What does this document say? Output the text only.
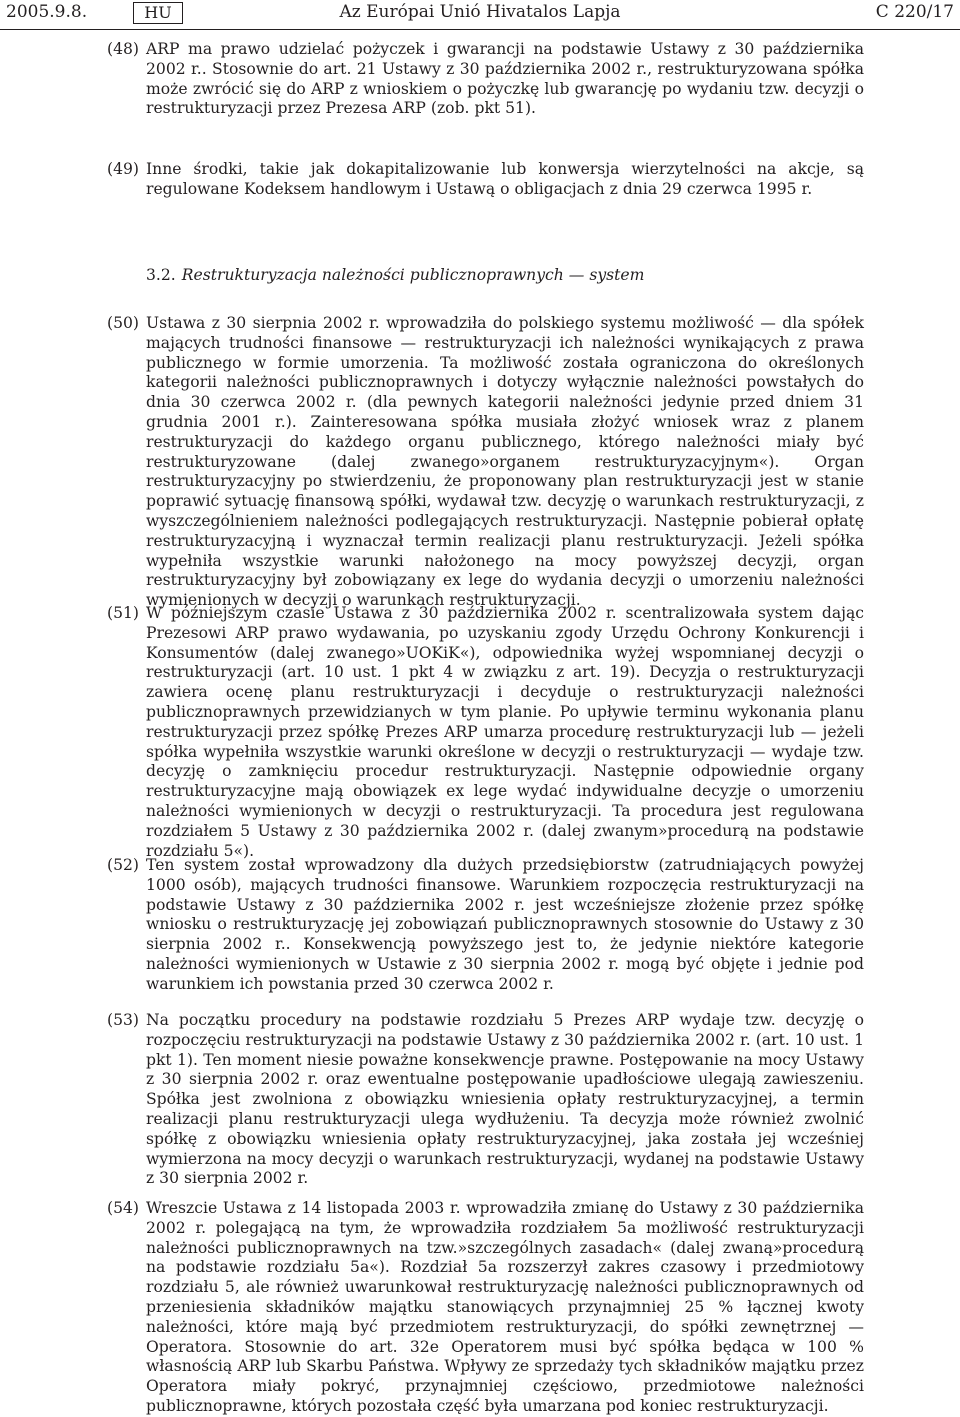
2005.9.8.	Az Európai Unió Hivatalos Lapja
HU	C 220/17
(48) ARP ma prawo udzielać pożyczek i gwarancji na podstawie Ustawy z 30 października 2002 r.. Stosownie do art. 21 Ustawy z 30 października 2002 r., restrukturyzowana spółka może zwrócić się do ARP z wnioskiem o pożyczkę lub gwarancję po wydaniu tzw. decyzji o restrukturyzacji przez Prezesa ARP (zob. pkt 51).
(49) Inne środki, takie jak dokapitalizowanie lub konwersja wierzytelności na akcje, są regulowane Kodeksem handlowym i Ustawą o obligacjach z dnia 29 czerwca 1995 r.
3.2. Restrukturyzacja należności publicznoprawnych — system
(50) Ustawa z 30 sierpnia 2002 r. wprowadziła do polskiego systemu możliwość — dla spółek mających trudności finansowe — restrukturyzacji ich należności wynikających z prawa publicznego w formie umorzenia. Ta możliwość została ograniczona do określonych kategorii należności publicznoprawnych i dotyczy wyłącznie należności powstałych do dnia 30 czerwca 2002 r. (dla pewnych kategorii należności jedynie przed dniem 31 grudnia 2001 r.). Zainteresowana spółka musiała złożyć wniosek wraz z planem restrukturyzacji do każdego organu publicznego, którego należności miały być restrukturyzowane (dalej zwanego»organem restrukturyzacyjnym«). Organ restrukturyzacyjny po stwierdzeniu, że proponowany plan restrukturyzacji jest w stanie poprawić sytuację finansową spółki, wydawał tzw. decyzję o warunkach restrukturyzacji, z wyszczególnieniem należności podlegających restrukturyzacji. Następnie pobierał opłatę restrukturyzacyjną i wyznaczał termin realizacji planu restrukturyzacji. Jeżeli spółka wypełniła wszystkie warunki nałożonego na mocy powyższej decyzji, organ restrukturyzacyjny był zobowiązany ex lege do wydania decyzji o umorzeniu należności wymienionych w decyzji o warunkach restrukturyzacji.
(51) W późniejszym czasie Ustawa z 30 października 2002 r. scentralizowała system dając Prezesowi ARP prawo wydawania, po uzyskaniu zgody Urzędu Ochrony Konkurencji i Konsumentów (dalej zwanego»UOKiK«), odpowiednika wyżej wspomnianej decyzji o restrukturyzacji (art. 10 ust. 1 pkt 4 w związku z art. 19). Decyzja o restrukturyzacji zawiera ocenę planu restrukturyzacji i decyduje o restrukturyzacji należności publicznoprawnych przewidzianych w tym planie. Po upływie terminu wykonania planu restrukturyzacji przez spółkę Prezes ARP umarza procedurę restrukturyzacji lub — jeżeli spółka wypełniła wszystkie warunki określone w decyzji o restrukturyzacji — wydaje tzw. decyzję o zamknięciu procedur restrukturyzacji. Następnie odpowiednie organy restrukturyzacyjne mają obowiązek ex lege wydać indywidualne decyzje o umorzeniu należności wymienionych w decyzji o restrukturyzacji. Ta procedura jest regulowana rozdziałem 5 Ustawy z 30 października 2002 r. (dalej zwanym»procedurą na podstawie rozdziału 5«).
(52) Ten system został wprowadzony dla dużych przedsiębiorstw (zatrudniających powyżej 1000 osób), mających trudności finansowe. Warunkiem rozpoczęcia restrukturyzacji na podstawie Ustawy z 30 października 2002 r. jest wcześniejsze złożenie przez spółkę wniosku o restrukturyzację jej zobowiązań publicznoprawnych stosownie do Ustawy z 30 sierpnia 2002 r.. Konsekwencją powyższego jest to, że jedynie niektóre kategorie należności wymienionych w Ustawie z 30 sierpnia 2002 r. mogą być objęte i jednie pod warunkiem ich powstania przed 30 czerwca 2002 r.
(53) Na początku procedury na podstawie rozdziału 5 Prezes ARP wydaje tzw. decyzję o rozpoczęciu restrukturyzacji na podstawie Ustawy z 30 października 2002 r. (art. 10 ust. 1 pkt 1). Ten moment niesie poważne konsekwencje prawne. Postępowanie na mocy Ustawy z 30 sierpnia 2002 r. oraz ewentualne postępowanie upadłościowe ulegają zawieszeniu. Spółka jest zwolniona z obowiązku wniesienia opłaty restrukturyzacyjnej, a termin realizacji planu restrukturyzacji ulega wydłużeniu. Ta decyzja może również zwolnić spółkę z obowiązku wniesienia opłaty restrukturyzacyjnej, jaka została jej wcześniej wymierzona na mocy decyzji o warunkach restrukturyzacji, wydanej na podstawie Ustawy z 30 sierpnia 2002 r.
(54) Wreszcie Ustawa z 14 listopada 2003 r. wprowadziła zmianę do Ustawy z 30 października 2002 r. polegającą na tym, że wprowadziła rozdziałem 5a możliwość restrukturyzacji należności publicznoprawnych na tzw.»szczególnych zasadach« (dalej zwaną»procedurą na podstawie rozdziału 5a«). Rozdział 5a rozszerzył zakres czasowy i przedmiotowy rozdziału 5, ale również uwarunkował restrukturyzację należności publicznoprawnych od przeniesienia składników majątku stanowiących przynajmniej 25 % łącznej kwoty należności, które mają być przedmiotem restrukturyzacji, do spółki zewnętrznej — Operatora. Stosownie do art. 32e Operatorem musi być spółka będąca w 100 % własnością ARP lub Skarbu Państwa. Wpływy ze sprzedaży tych składników majątku przez Operatora miały pokryć, przynajmniej częściowo, przedmiotowe należności publicznoprawne, których pozostała część była umarzana pod koniec restrukturyzacji.
